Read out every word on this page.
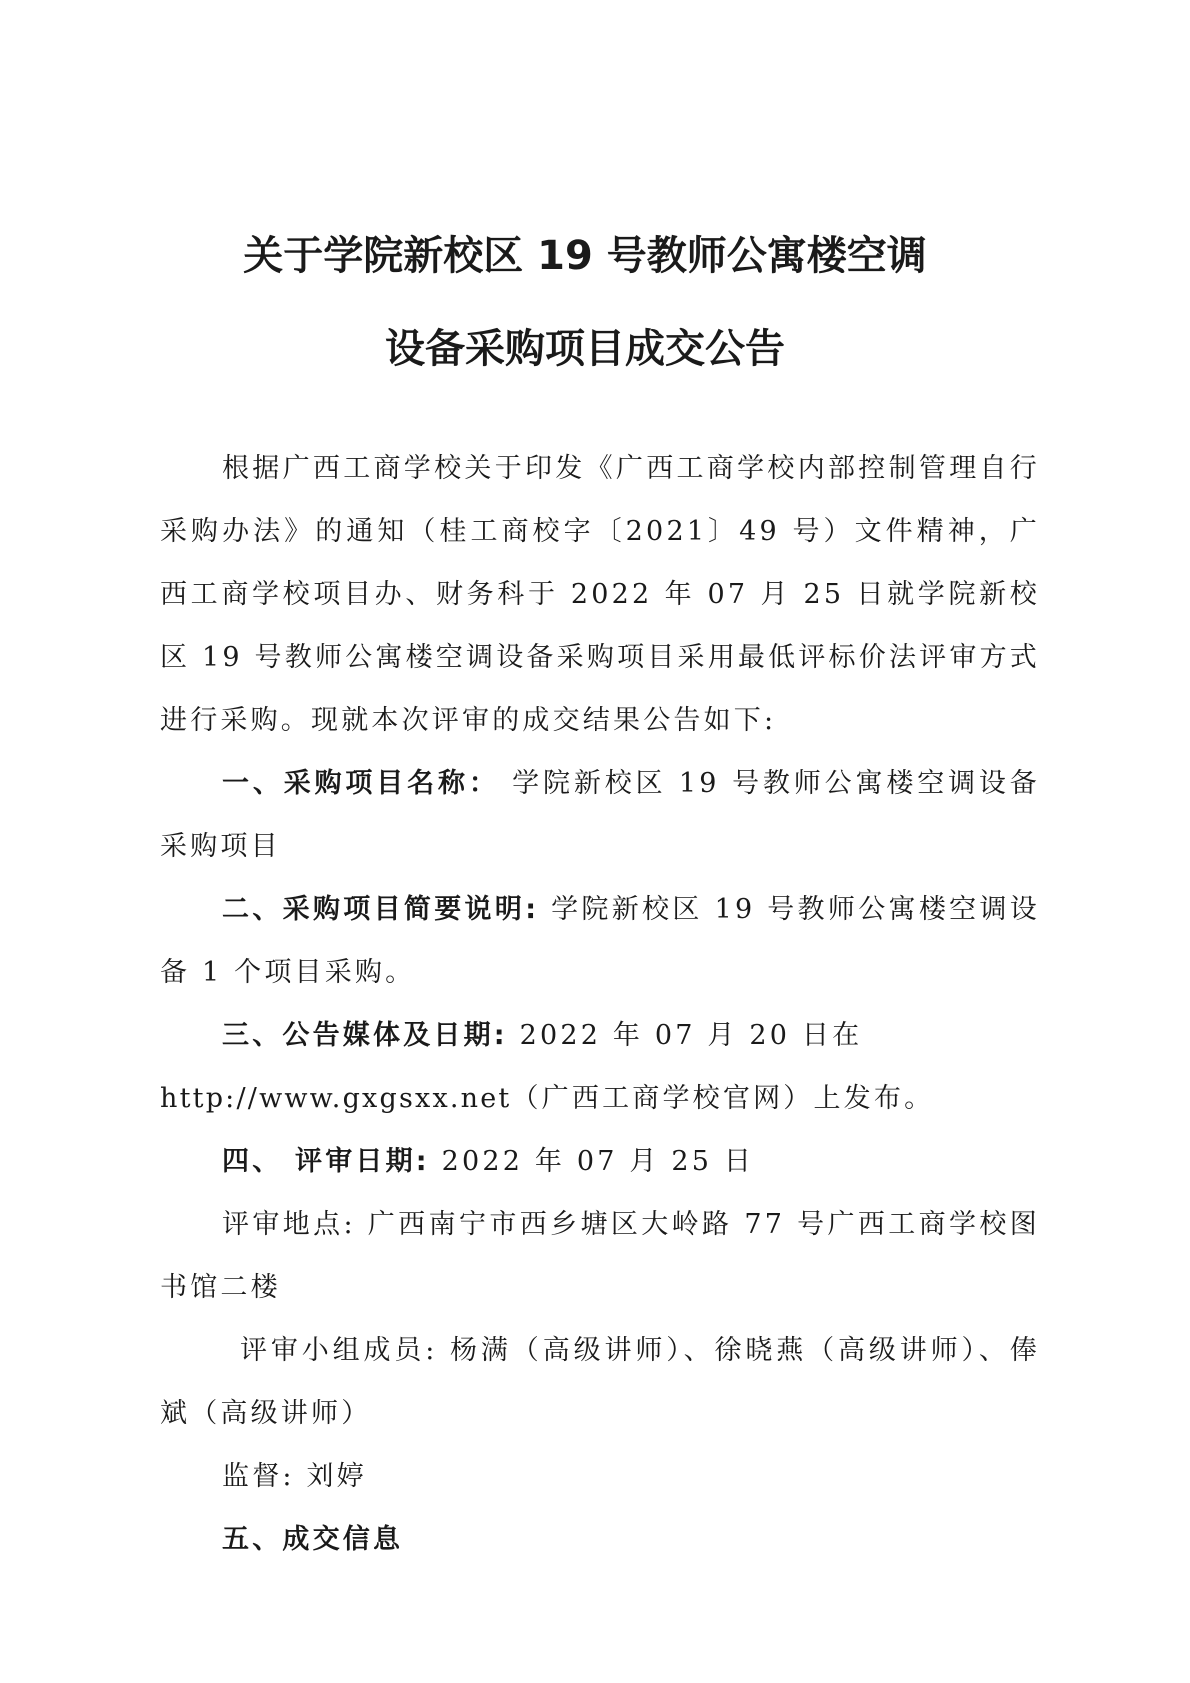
关于学院新校区 19 号教师公寓楼空调
设备采购项目成交公告

根据广西工商学校关于印发《广西工商学校内部控制管理自行采购办法》的通知（桂工商校字〔2021〕49 号）文件精神，广西工商学校项目办、财务科于 2022 年 07 月 25 日就学院新校区 19 号教师公寓楼空调设备采购项目采用最低评标价法评审方式进行采购。现就本次评审的成交结果公告如下:

一、采购项目名称： 学院新校区 19 号教师公寓楼空调设备采购项目

二、采购项目简要说明: 学院新校区 19 号教师公寓楼空调设备 1 个项目采购。

三、公告媒体及日期: 2022 年 07 月 20 日在

http://www.gxgsxx.net（广西工商学校官网）上发布。

四、 评审日期: 2022 年 07 月 25 日

评审地点: 广西南宁市西乡塘区大岭路 77 号广西工商学校图书馆二楼

评审小组成员: 杨满（高级讲师）、徐晓燕（高级讲师）、俸斌（高级讲师）

监督: 刘婷

五、成交信息
